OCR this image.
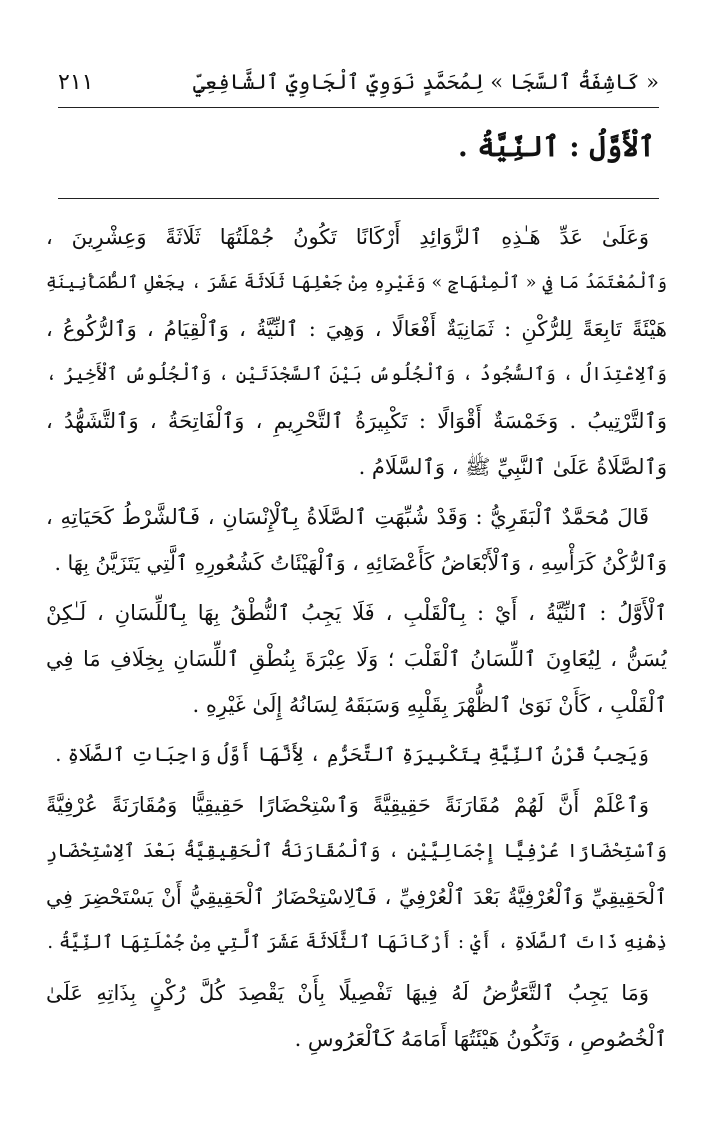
« كَاشِفَةُ ٱلسَّجَا » لِمُحَمَّدٍ نَوَوِيِّ ٱلْجَاوِيِّ ٱلشَّافِعِيِّ
٢١١
ٱلْأَوَّلُ : ٱلنِّيَّةُ .
وَعَلَىٰ عَدِّ هَـٰذِهِ ٱلزَّوَائِدِ أَرْكَانًا تَكُونُ جُمْلَتُهَا ثَلَاثَةً وَعِشْرِينَ ،
وَٱلْمُعْتَمَدُ مَا فِي « ٱلْمِنْهَاجِ » وَغَيْرِهِ مِنْ جَعْلِهَا ثَلَاثَةَ عَشَرَ ، بِجَعْلِ ٱلطُّمَأْنِينَةِ
هَيْئَةً تَابِعَةً لِلرُّكْنِ : ثَمَانِيَةٌ أَفْعَالًا ، وَهِيَ : ٱلنِّيَّةُ ، وَٱلْقِيَامُ ، وَٱلرُّكُوعُ ،
وَٱلِاعْتِدَالُ ، وَٱلسُّجُودُ ، وَٱلْجُلُوسُ بَيْنَ ٱلسَّجْدَتَيْنِ ، وَٱلْجُلُوسُ ٱلْأَخِيرُ ،
وَٱلتَّرْتِيبُ . وَخَمْسَةٌ أَقْوَالًا : تَكْبِيرَةُ ٱلتَّحْرِيمِ ، وَٱلْفَاتِحَةُ ، وَٱلتَّشَهُّدُ ،
وَٱلصَّلَاةُ عَلَىٰ ٱلنَّبِيِّ ﷺ ، وَٱلسَّلَامُ .
قَالَ مُحَمَّدٌ ٱلْبَقَرِيُّ : وَقَدْ شُبِّهَتِ ٱلصَّلَاةُ بِٱلْإِنْسَانِ ، فَٱلشَّرْطُ كَحَيَاتِهِ ،
وَٱلرُّكْنُ كَرَأْسِهِ ، وَٱلْأَبْعَاضُ كَأَعْضَائِهِ ، وَٱلْهَيْئَاتُ كَشُعُورِهِ ٱلَّتِي يَتَزَيَّنُ بِهَا .
ٱلْأَوَّلُ : ٱلنِّيَّةُ ، أَيْ : بِٱلْقَلْبِ ، فَلَا يَجِبُ ٱلنُّطْقُ بِهَا بِٱللِّسَانِ ، لَـٰكِنْ
يُسَنُّ ، لِيُعَاوِنَ ٱللِّسَانُ ٱلْقَلْبَ ؛ وَلَا عِبْرَةَ بِنُطْقِ ٱللِّسَانِ بِخِلَافِ مَا فِي
ٱلْقَلْبِ ، كَأَنْ نَوَىٰ ٱلظُّهْرَ بِقَلْبِهِ وَسَبَقَهُ لِسَانُهُ إِلَىٰ غَيْرِهِ .
وَيَجِبُ قَرْنُ ٱلنِّيَّةِ بِتَكْبِيرَةِ ٱلتَّحَرُّمِ ، لِأَنَّهَا أَوَّلُ وَاجِبَاتِ ٱلصَّلَاةِ .
وَٱعْلَمْ أَنَّ لَهُمْ مُقَارَنَةً حَقِيقِيَّةً وَٱسْتِحْضَارًا حَقِيقِيًّا وَمُقَارَنَةً عُرْفِيَّةً
وَٱسْتِحْضَارًا عُرْفِيًّا إِجْمَالِيَّيْنِ ، وَٱلْمُقَارَنَةُ ٱلْحَقِيقِيَّةُ بَعْدَ ٱلِاسْتِحْضَارِ
ٱلْحَقِيقِيِّ وَٱلْعُرْفِيَّةُ بَعْدَ ٱلْعُرْفِيِّ ، فَٱلِاسْتِحْضَارُ ٱلْحَقِيقِيُّ أَنْ يَسْتَحْضِرَ فِي
ذِهْنِهِ ذَاتَ ٱلصَّلَاةِ ، أَيْ : أَرْكَانَهَا ٱلثَّلَاثَةَ عَشَرَ ٱلَّتِي مِنْ جُمْلَتِهَا ٱلنِّيَّةُ .
وَمَا يَجِبُ ٱلتَّعَرُّضُ لَهُ فِيهَا تَفْصِيلًا بِأَنْ يَقْصِدَ كُلَّ رُكْنٍ بِذَاتِهِ عَلَىٰ
ٱلْخُصُوصِ ، وَتَكُونُ هَيْئَتُهَا أَمَامَهُ كَٱلْعَرُوسِ .
